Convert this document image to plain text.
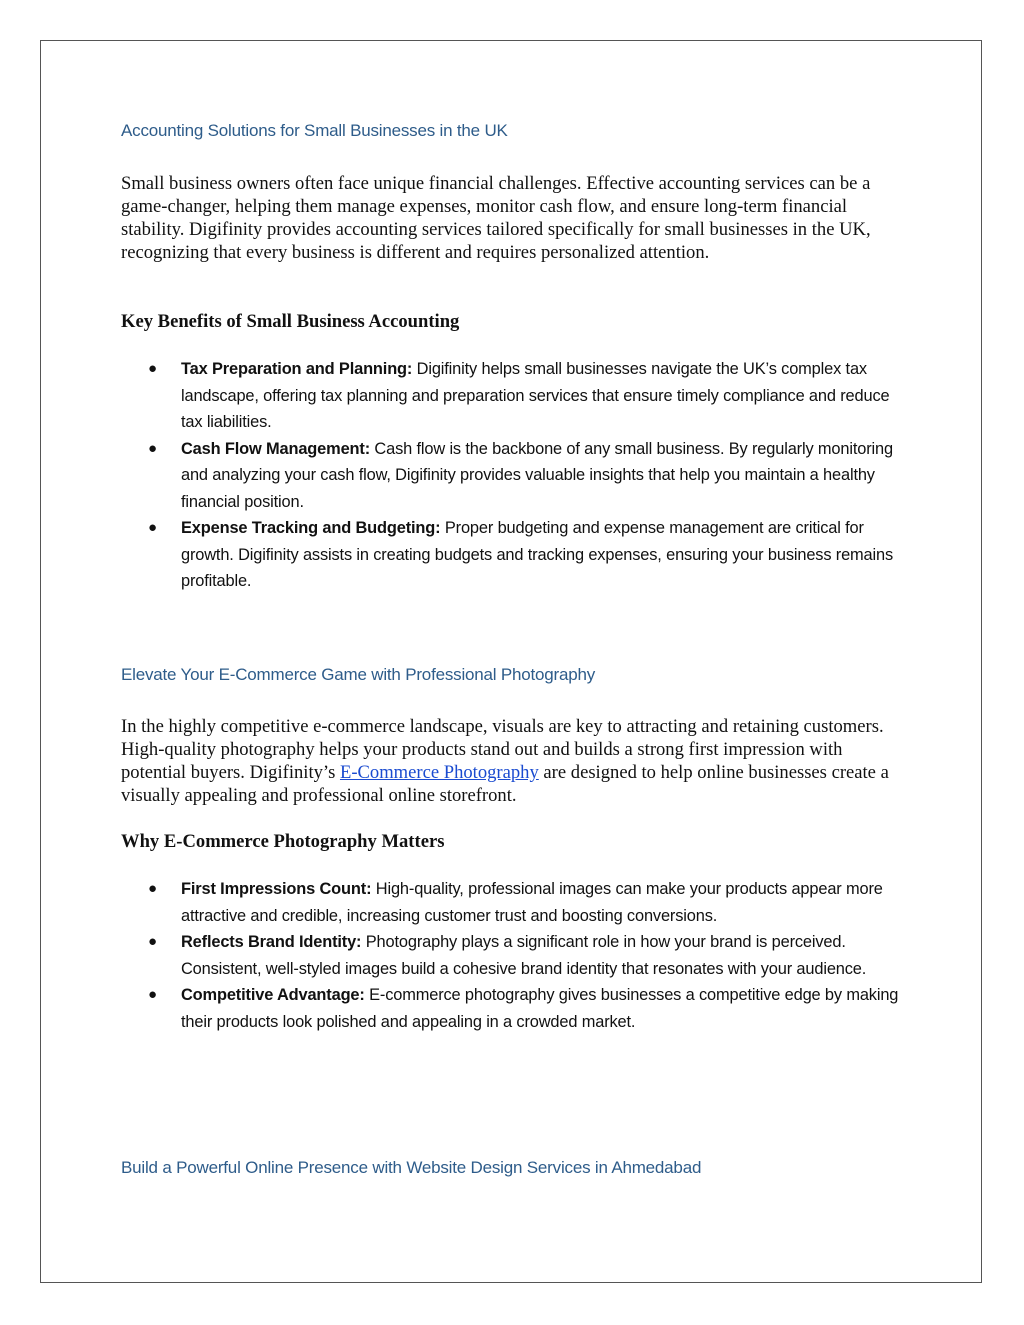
Accounting Solutions for Small Businesses in the UK

Small business owners often face unique financial challenges. Effective accounting services can be a game-changer, helping them manage expenses, monitor cash flow, and ensure long-term financial stability. Digifinity provides accounting services tailored specifically for small businesses in the UK, recognizing that every business is different and requires personalized attention.

Key Benefits of Small Business Accounting
● Tax Preparation and Planning: Digifinity helps small businesses navigate the UK’s complex tax landscape, offering tax planning and preparation services that ensure timely compliance and reduce tax liabilities.
● Cash Flow Management: Cash flow is the backbone of any small business. By regularly monitoring and analyzing your cash flow, Digifinity provides valuable insights that help you maintain a healthy financial position.
● Expense Tracking and Budgeting: Proper budgeting and expense management are critical for growth. Digifinity assists in creating budgets and tracking expenses, ensuring your business remains profitable.
Elevate Your E-Commerce Game with Professional Photography

In the highly competitive e-commerce landscape, visuals are key to attracting and retaining customers. High-quality photography helps your products stand out and builds a strong first impression with potential buyers. Digifinity’s E-Commerce Photography are designed to help online businesses create a visually appealing and professional online storefront.

Why E-Commerce Photography Matters
● First Impressions Count: High-quality, professional images can make your products appear more attractive and credible, increasing customer trust and boosting conversions.
● Reflects Brand Identity: Photography plays a significant role in how your brand is perceived. Consistent, well-styled images build a cohesive brand identity that resonates with your audience.
● Competitive Advantage: E-commerce photography gives businesses a competitive edge by making their products look polished and appealing in a crowded market.
Build a Powerful Online Presence with Website Design Services in Ahmedabad
